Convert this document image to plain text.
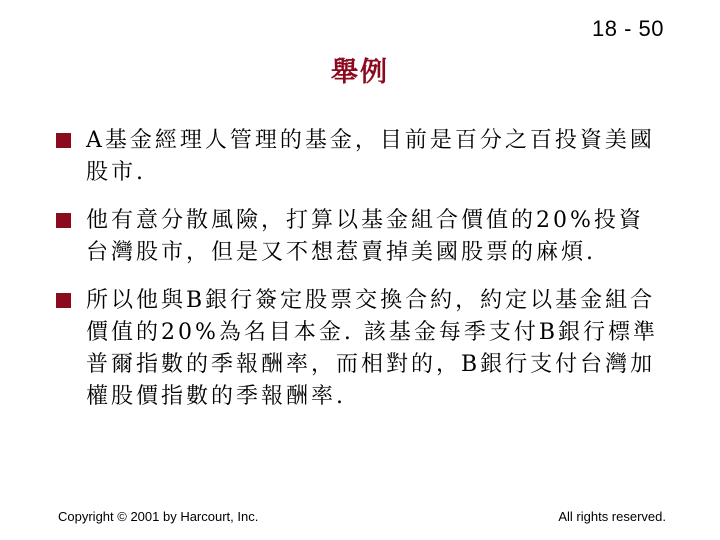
18 - 50
舉例
A基金經理人管理的基金，目前是百分之百投資美國股市.
他有意分散風險，打算以基金組合價值的20%投資台灣股市，但是又不想惹賣掉美國股票的麻煩.
所以他與B銀行簽定股票交換合約，約定以基金組合價值的20%為名目本金. 該基金每季支付B銀行標準普爾指數的季報酬率，而相對的，B銀行支付台灣加權股價指數的季報酬率.
Copyright © 2001 by Harcourt, Inc.	All rights reserved.
